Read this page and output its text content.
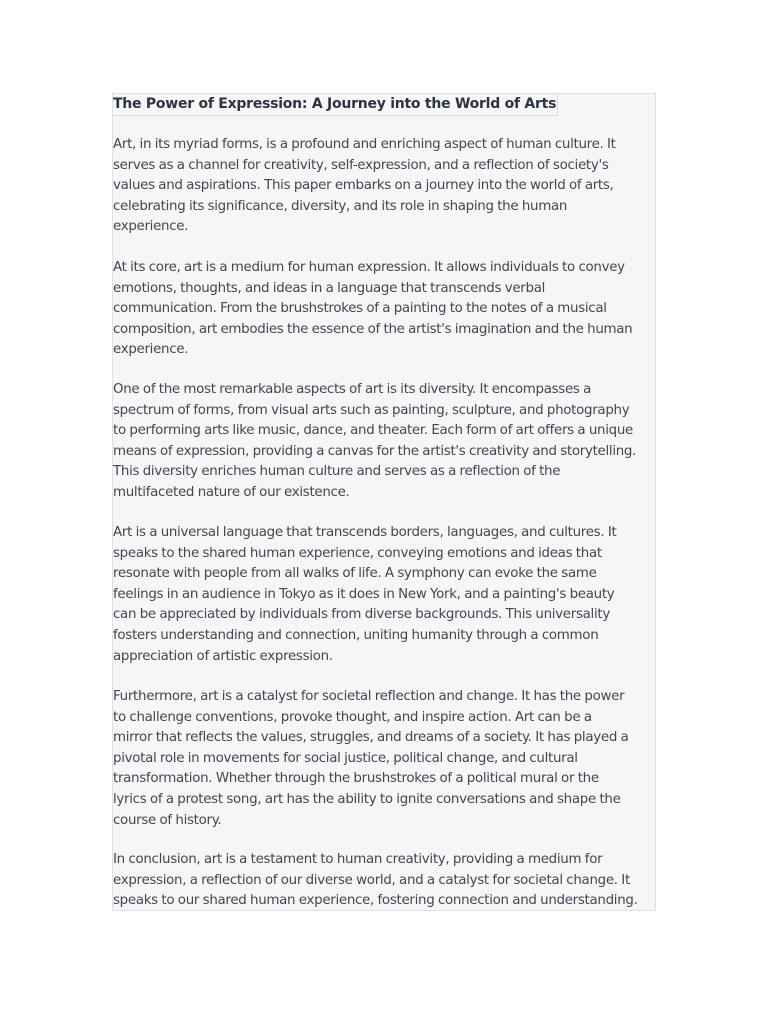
The Power of Expression: A Journey into the World of Arts

Art, in its myriad forms, is a profound and enriching aspect of human culture. It
serves as a channel for creativity, self-expression, and a reflection of society's
values and aspirations. This paper embarks on a journey into the world of arts,
celebrating its significance, diversity, and its role in shaping the human
experience.

At its core, art is a medium for human expression. It allows individuals to convey
emotions, thoughts, and ideas in a language that transcends verbal
communication. From the brushstrokes of a painting to the notes of a musical
composition, art embodies the essence of the artist's imagination and the human
experience.

One of the most remarkable aspects of art is its diversity. It encompasses a
spectrum of forms, from visual arts such as painting, sculpture, and photography
to performing arts like music, dance, and theater. Each form of art offers a unique
means of expression, providing a canvas for the artist's creativity and storytelling.
This diversity enriches human culture and serves as a reflection of the
multifaceted nature of our existence.

Art is a universal language that transcends borders, languages, and cultures. It
speaks to the shared human experience, conveying emotions and ideas that
resonate with people from all walks of life. A symphony can evoke the same
feelings in an audience in Tokyo as it does in New York, and a painting's beauty
can be appreciated by individuals from diverse backgrounds. This universality
fosters understanding and connection, uniting humanity through a common
appreciation of artistic expression.

Furthermore, art is a catalyst for societal reflection and change. It has the power
to challenge conventions, provoke thought, and inspire action. Art can be a
mirror that reflects the values, struggles, and dreams of a society. It has played a
pivotal role in movements for social justice, political change, and cultural
transformation. Whether through the brushstrokes of a political mural or the
lyrics of a protest song, art has the ability to ignite conversations and shape the
course of history.

In conclusion, art is a testament to human creativity, providing a medium for
expression, a reflection of our diverse world, and a catalyst for societal change. It
speaks to our shared human experience, fostering connection and understanding.
